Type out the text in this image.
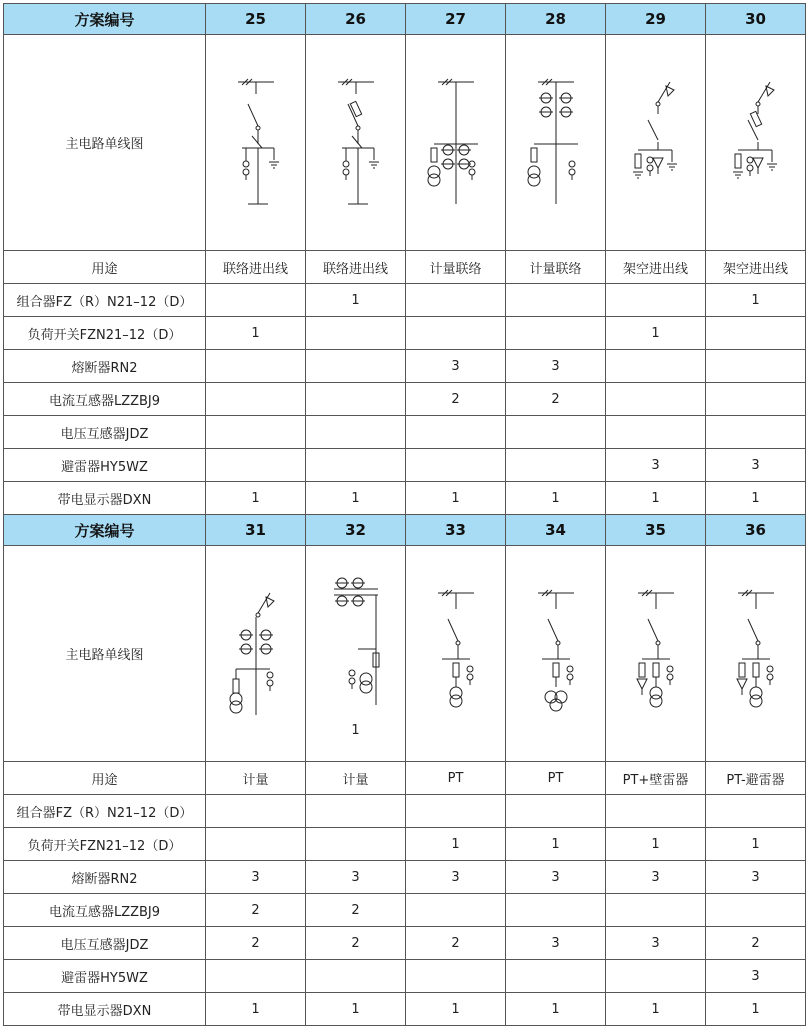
方案编号	25	26	27	28	29	30
主电路单线图	

用途	联络进出线	联络进出线	计量联络	计量联络	架空进出线	架空进出线
组合器FZ（R）N21–12（D）		1				1
负荷开关FZN21–12（D）	1				1	
熔断器RN2			3	3		
电流互感器LZZBJ9			2	2		
电压互感器JDZ						
避雷器HY5WZ					3	3
带电显示器DXN	1	1	1	1	1	1
方案编号	31	32	33	34	35	36
主电路单线图		1

用途	计量	计量	PT	PT	PT+壁雷器	PT-避雷器
组合器FZ（R）N21–12（D）						
负荷开关FZN21–12（D）			1	1	1	1
熔断器RN2	3	3	3	3	3	3
电流互感器LZZBJ9	2	2				
电压互感器JDZ	2	2	2	3	3	2
避雷器HY5WZ						3
带电显示器DXN	1	1	1	1	1	1
